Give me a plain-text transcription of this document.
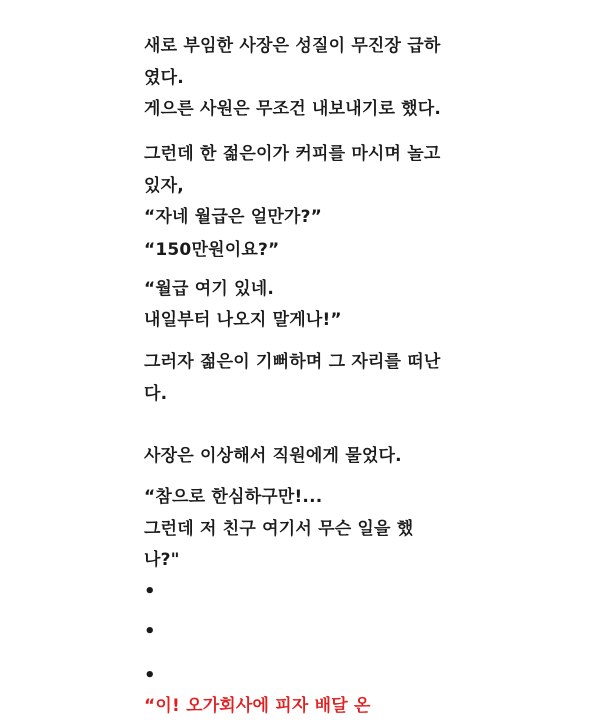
새로 부임한 사장은 성질이 무진장 급하
였다.
게으른 사원은 무조건 내보내기로 했다.
그런데 한 젊은이가 커피를 마시며 놀고
있자,
“자네 월급은 얼만가?”
“150만원이요?”
“월급 여기 있네.
내일부터 나오지 말게나!”
그러자 젊은이 기뻐하며 그 자리를 떠난
다.
사장은 이상해서 직원에게 물었다.
“참으로 한심하구만!...
그런데 저 친구 여기서 무슨 일을 했
나?"
•
•
•
“이! 오가회사에 피자 배달 온
